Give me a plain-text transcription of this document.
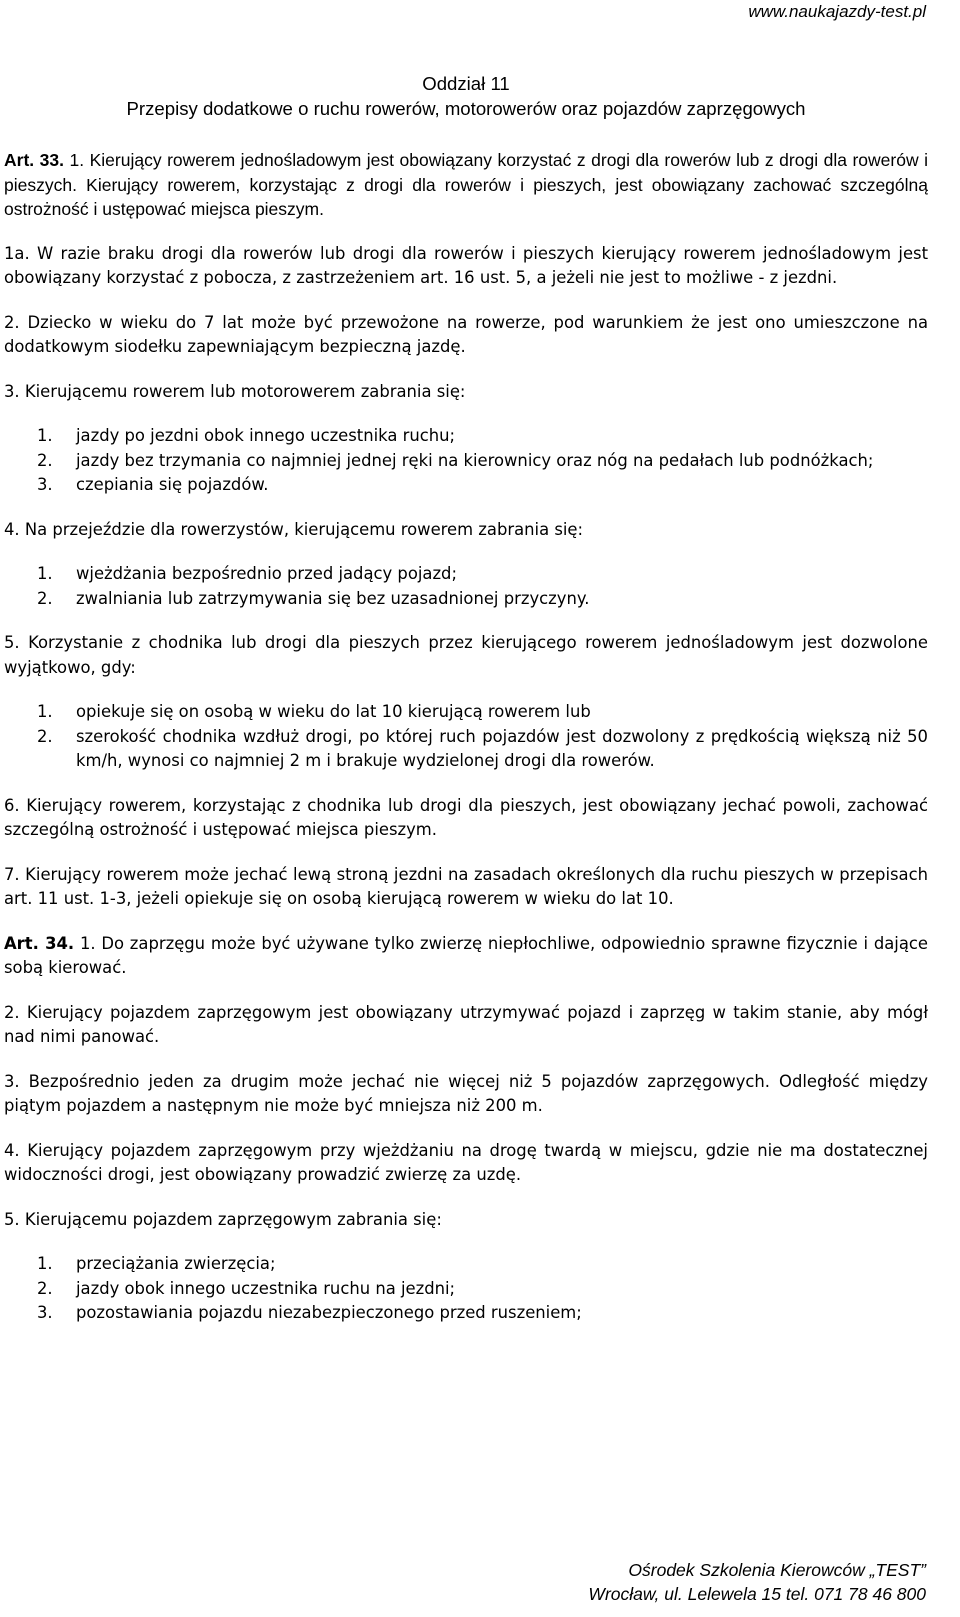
www.naukajazdy-test.pl

Oddział 11

Przepisy dodatkowe o ruchu rowerów, motorowerów oraz pojazdów zaprzęgowych

Art. 33. 1. Kierujący rowerem jednośladowym jest obowiązany korzystać z drogi dla rowerów lub z drogi dla rowerów i pieszych. Kierujący rowerem, korzystając z drogi dla rowerów i pieszych, jest obowiązany zachować szczególną ostrożność i ustępować miejsca pieszym.

1a. W razie braku drogi dla rowerów lub drogi dla rowerów i pieszych kierujący rowerem jednośladowym jest obowiązany korzystać z pobocza, z zastrzeżeniem art. 16 ust. 5, a jeżeli nie jest to możliwe - z jezdni.

2. Dziecko w wieku do 7 lat może być przewożone na rowerze, pod warunkiem że jest ono umieszczone na dodatkowym siodełku zapewniającym bezpieczną jazdę.

3. Kierującemu rowerem lub motorowerem zabrania się:

1. jazdy po jezdni obok innego uczestnika ruchu;
2. jazdy bez trzymania co najmniej jednej ręki na kierownicy oraz nóg na pedałach lub podnóżkach;
3. czepiania się pojazdów.

4. Na przejeździe dla rowerzystów, kierującemu rowerem zabrania się:

1. wjeżdżania bezpośrednio przed jadący pojazd;
2. zwalniania lub zatrzymywania się bez uzasadnionej przyczyny.

5. Korzystanie z chodnika lub drogi dla pieszych przez kierującego rowerem jednośladowym jest dozwolone wyjątkowo, gdy:

1. opiekuje się on osobą w wieku do lat 10 kierującą rowerem lub
2. szerokość chodnika wzdłuż drogi, po której ruch pojazdów jest dozwolony z prędkością większą niż 50 km/h, wynosi co najmniej 2 m i brakuje wydzielonej drogi dla rowerów.

6. Kierujący rowerem, korzystając z chodnika lub drogi dla pieszych, jest obowiązany jechać powoli, zachować szczególną ostrożność i ustępować miejsca pieszym.

7. Kierujący rowerem może jechać lewą stroną jezdni na zasadach określonych dla ruchu pieszych w przepisach art. 11 ust. 1-3, jeżeli opiekuje się on osobą kierującą rowerem w wieku do lat 10.

Art. 34. 1. Do zaprzęgu może być używane tylko zwierzę niepłochliwe, odpowiednio sprawne fizycznie i dające sobą kierować.

2. Kierujący pojazdem zaprzęgowym jest obowiązany utrzymywać pojazd i zaprzęg w takim stanie, aby mógł nad nimi panować.

3. Bezpośrednio jeden za drugim może jechać nie więcej niż 5 pojazdów zaprzęgowych. Odległość między piątym pojazdem a następnym nie może być mniejsza niż 200 m.

4. Kierujący pojazdem zaprzęgowym przy wjeżdżaniu na drogę twardą w miejscu, gdzie nie ma dostatecznej widoczności drogi, jest obowiązany prowadzić zwierzę za uzdę.

5. Kierującemu pojazdem zaprzęgowym zabrania się:

1. przeciążania zwierzęcia;
2. jazdy obok innego uczestnika ruchu na jezdni;
3. pozostawiania pojazdu niezabezpieczonego przed ruszeniem;
Ośrodek Szkolenia Kierowców „TEST”
Wrocław, ul. Lelewela 15 tel. 071 78 46 800
